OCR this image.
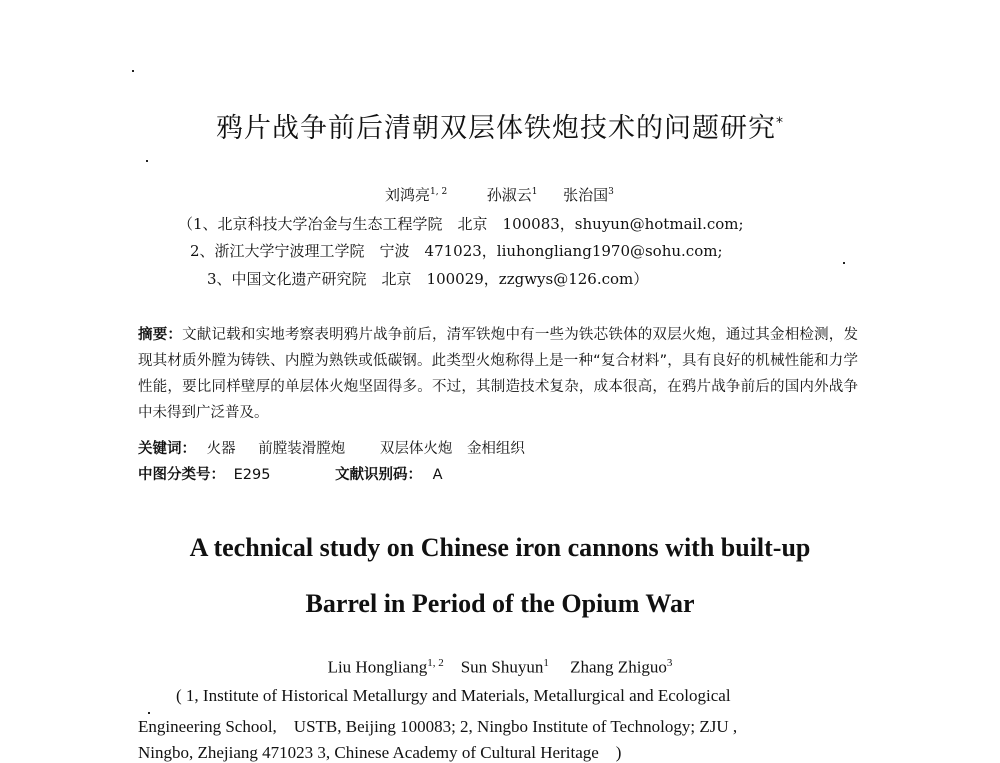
鸦片战争前后清朝双层体铁炮技术的问题研究*
刘鸿亮$^{1, 2}$	孙淑云$^1$ 张治国$^3$
（1、北京科技大学冶金与生态工程学院　北京　100083，shuyun@hotmail.com;
2、浙江大学宁波理工学院　宁波　471023，liuhongliang1970@sohu.com;
3、中国文化遗产研究院　北京　100029，zzgwys@126.com）
摘要：文献记载和实地考察表明鸦片战争前后，清军铁炮中有一些为铁芯铁体的双层火炮，通过其金相检测，发现其材质外膛为铸铁、内膛为熟铁或低碳钢。此类型火炮称得上是一种“复合材料”，具有良好的机械性能和力学性能，要比同样壁厚的单层体火炮坚固得多。不过，其制造技术复杂，成本很高，在鸦片战争前后的国内外战争中未得到广泛普及。
关键词： 火器 前膛装滑膛炮 双层体火炮 金相组织
中图分类号： E295	文献识别码： A
A technical study on Chinese iron cannons with built-up
Barrel in Period of the Opium War
Liu Hongliang$^{1, 2}$ Sun Shuyun$^1$ Zhang Zhiguo$^3$
( 1, Institute of Historical Metallurgy and Materials, Metallurgical and Ecological
Engineering School,　USTB, Beijing 100083; 2, Ningbo Institute of Technology; ZJU ,
Ningbo, Zhejiang 471023 3, Chinese Academy of Cultural Heritage　)
